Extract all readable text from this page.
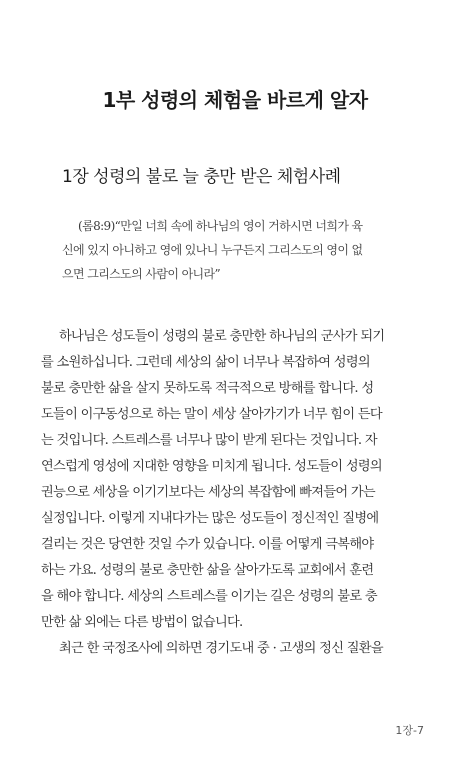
1부 성령의 체험을 바르게 알자
1장 성령의 불로 늘 충만 받은 체험사례
(롬8:9)“만일 너희 속에 하나님의 영이 거하시면 너희가 육
신에 있지 아니하고 영에 있나니 누구든지 그리스도의 영이 없
으면 그리스도의 사람이 아니라”
하나님은 성도들이 성령의 불로 충만한 하나님의 군사가 되기
를 소원하십니다. 그런데 세상의 삶이 너무나 복잡하여 성령의
불로 충만한 삶을 살지 못하도록 적극적으로 방해를 합니다. 성
도들이 이구동성으로 하는 말이 세상 살아가기가 너무 힘이 든다
는 것입니다. 스트레스를 너무나 많이 받게 된다는 것입니다. 자
연스럽게 영성에 지대한 영향을 미치게 됩니다. 성도들이 성령의
권능으로 세상을 이기기보다는 세상의 복잡함에 빠져들어 가는
실정입니다. 이렇게 지내다가는 많은 성도들이 정신적인 질병에
걸리는 것은 당연한 것일 수가 있습니다. 이를 어떻게 극복해야
하는 가요. 성령의 불로 충만한 삶을 살아가도록 교회에서 훈련
을 해야 합니다. 세상의 스트레스를 이기는 길은 성령의 불로 충
만한 삶 외에는 다른 방법이 없습니다.
최근 한 국정조사에 의하면 경기도내 중 · 고생의 정신 질환을
1장-7
